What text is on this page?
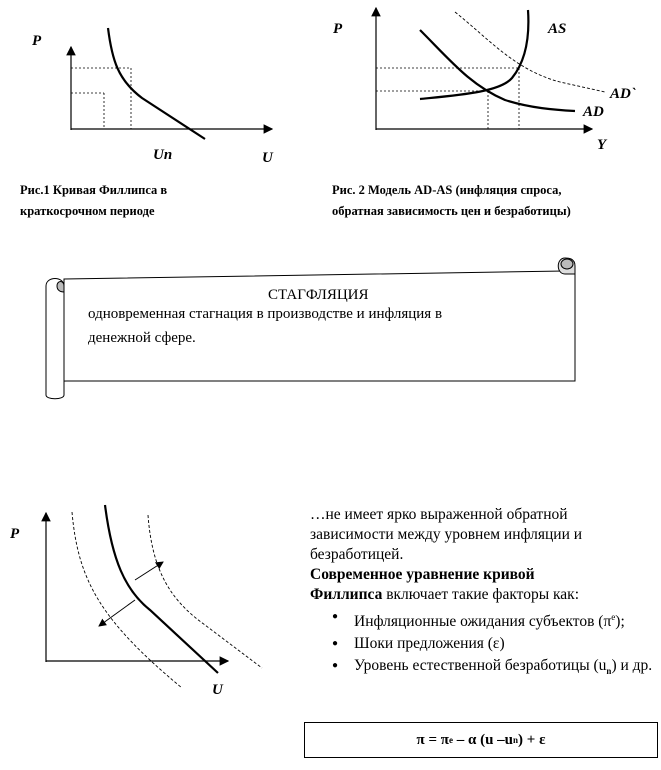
P
Un	U
P	AS
AD`
AD
Y
P
U
Рис.1 Кривая Филлипса в
краткосрочном периоде
Рис. 2 Модель AD-AS (инфляция спроса,
обратная зависимость цен и безработицы)
СТАГФЛЯЦИЯ
одновременная стагнация в производстве и инфляция в
денежной сфере.

…не имеет ярко выраженной обратной

зависимости между уровнем инфляции и

безработицей.

Современное уравнение кривой

Филлипса включает такие факторы как:

● Инфляционные ожидания субъектов $(\pi^e)$;
● Шоки предложения (ε)
● Уровень естественной безработицы $(u_n)$ и др.
π = π e – α (u –u n ) + ε
